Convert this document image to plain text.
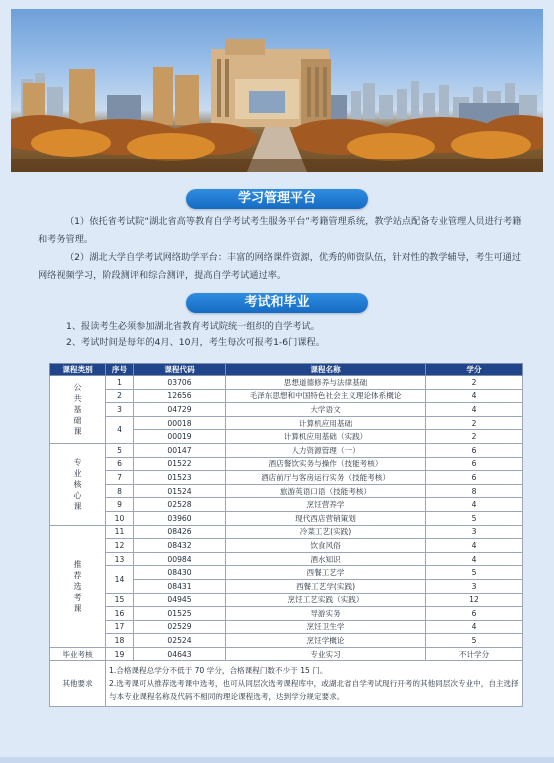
学习管理平台
（1）依托省考试院“湖北省高等教育自学考试考生服务平台”考籍管理系统，教学站点配备专业管理人员进行考籍和考务管理。
（2）湖北大学自学考试网络助学平台：丰富的网络课件资源，优秀的师资队伍，针对性的教学辅导，考生可通过网络视频学习，阶段测评和综合测评，提高自学考试通过率。
考试和毕业
1、报读考生必须参加湖北省教育考试院统一组织的自学考试。
2、考试时间是每年的4月、10月，考生每次可报考1-6门课程。
课程类别	序号	课程代码	课程名称	学分
公共基础课	1	03706	思想道德修养与法律基础	2
	2	12656	毛泽东思想和中国特色社会主义理论体系概论	4
	3	04729	大学语文	4
	4	00018	计算机应用基础	2
		00019	计算机应用基础（实践）	2
专业核心课	5	00147	人力资源管理（一）	6
	6	01522	酒店餐饮实务与操作（技能考核）	6
	7	01523	酒店前厅与客房运行实务（技能考核）	6
	8	01524	旅游英语口语（技能考核）	8
	9	02528	烹饪营养学	4
	10	03960	现代西店营销策划	5
推荐选考课	11	08426	冷菜工艺(实践)	3
	12	08432	饮食风俗	4
	13	00984	酒水知识	4
	14	08430	西餐工艺学	5
		08431	西餐工艺学(实践)	3
	15	04945	烹饪工艺实践（实践）	12
	16	01525	导游实务	6
	17	02529	烹饪卫生学	4
	18	02524	烹饪学概论	5
毕业考核	19	04643	专业实习	不计学分
其他要求	1.合格课程总学分不低于 70 学分，合格课程门数不少于 15 门。
2.选考课可从推荐选考课中选考，也可从同层次选考课程库中，或湖北省自学考试现行开考的其他同层次专业中，自主选择与本专业课程名称及代码不相同的理论课程选考，达到学分规定要求。			
